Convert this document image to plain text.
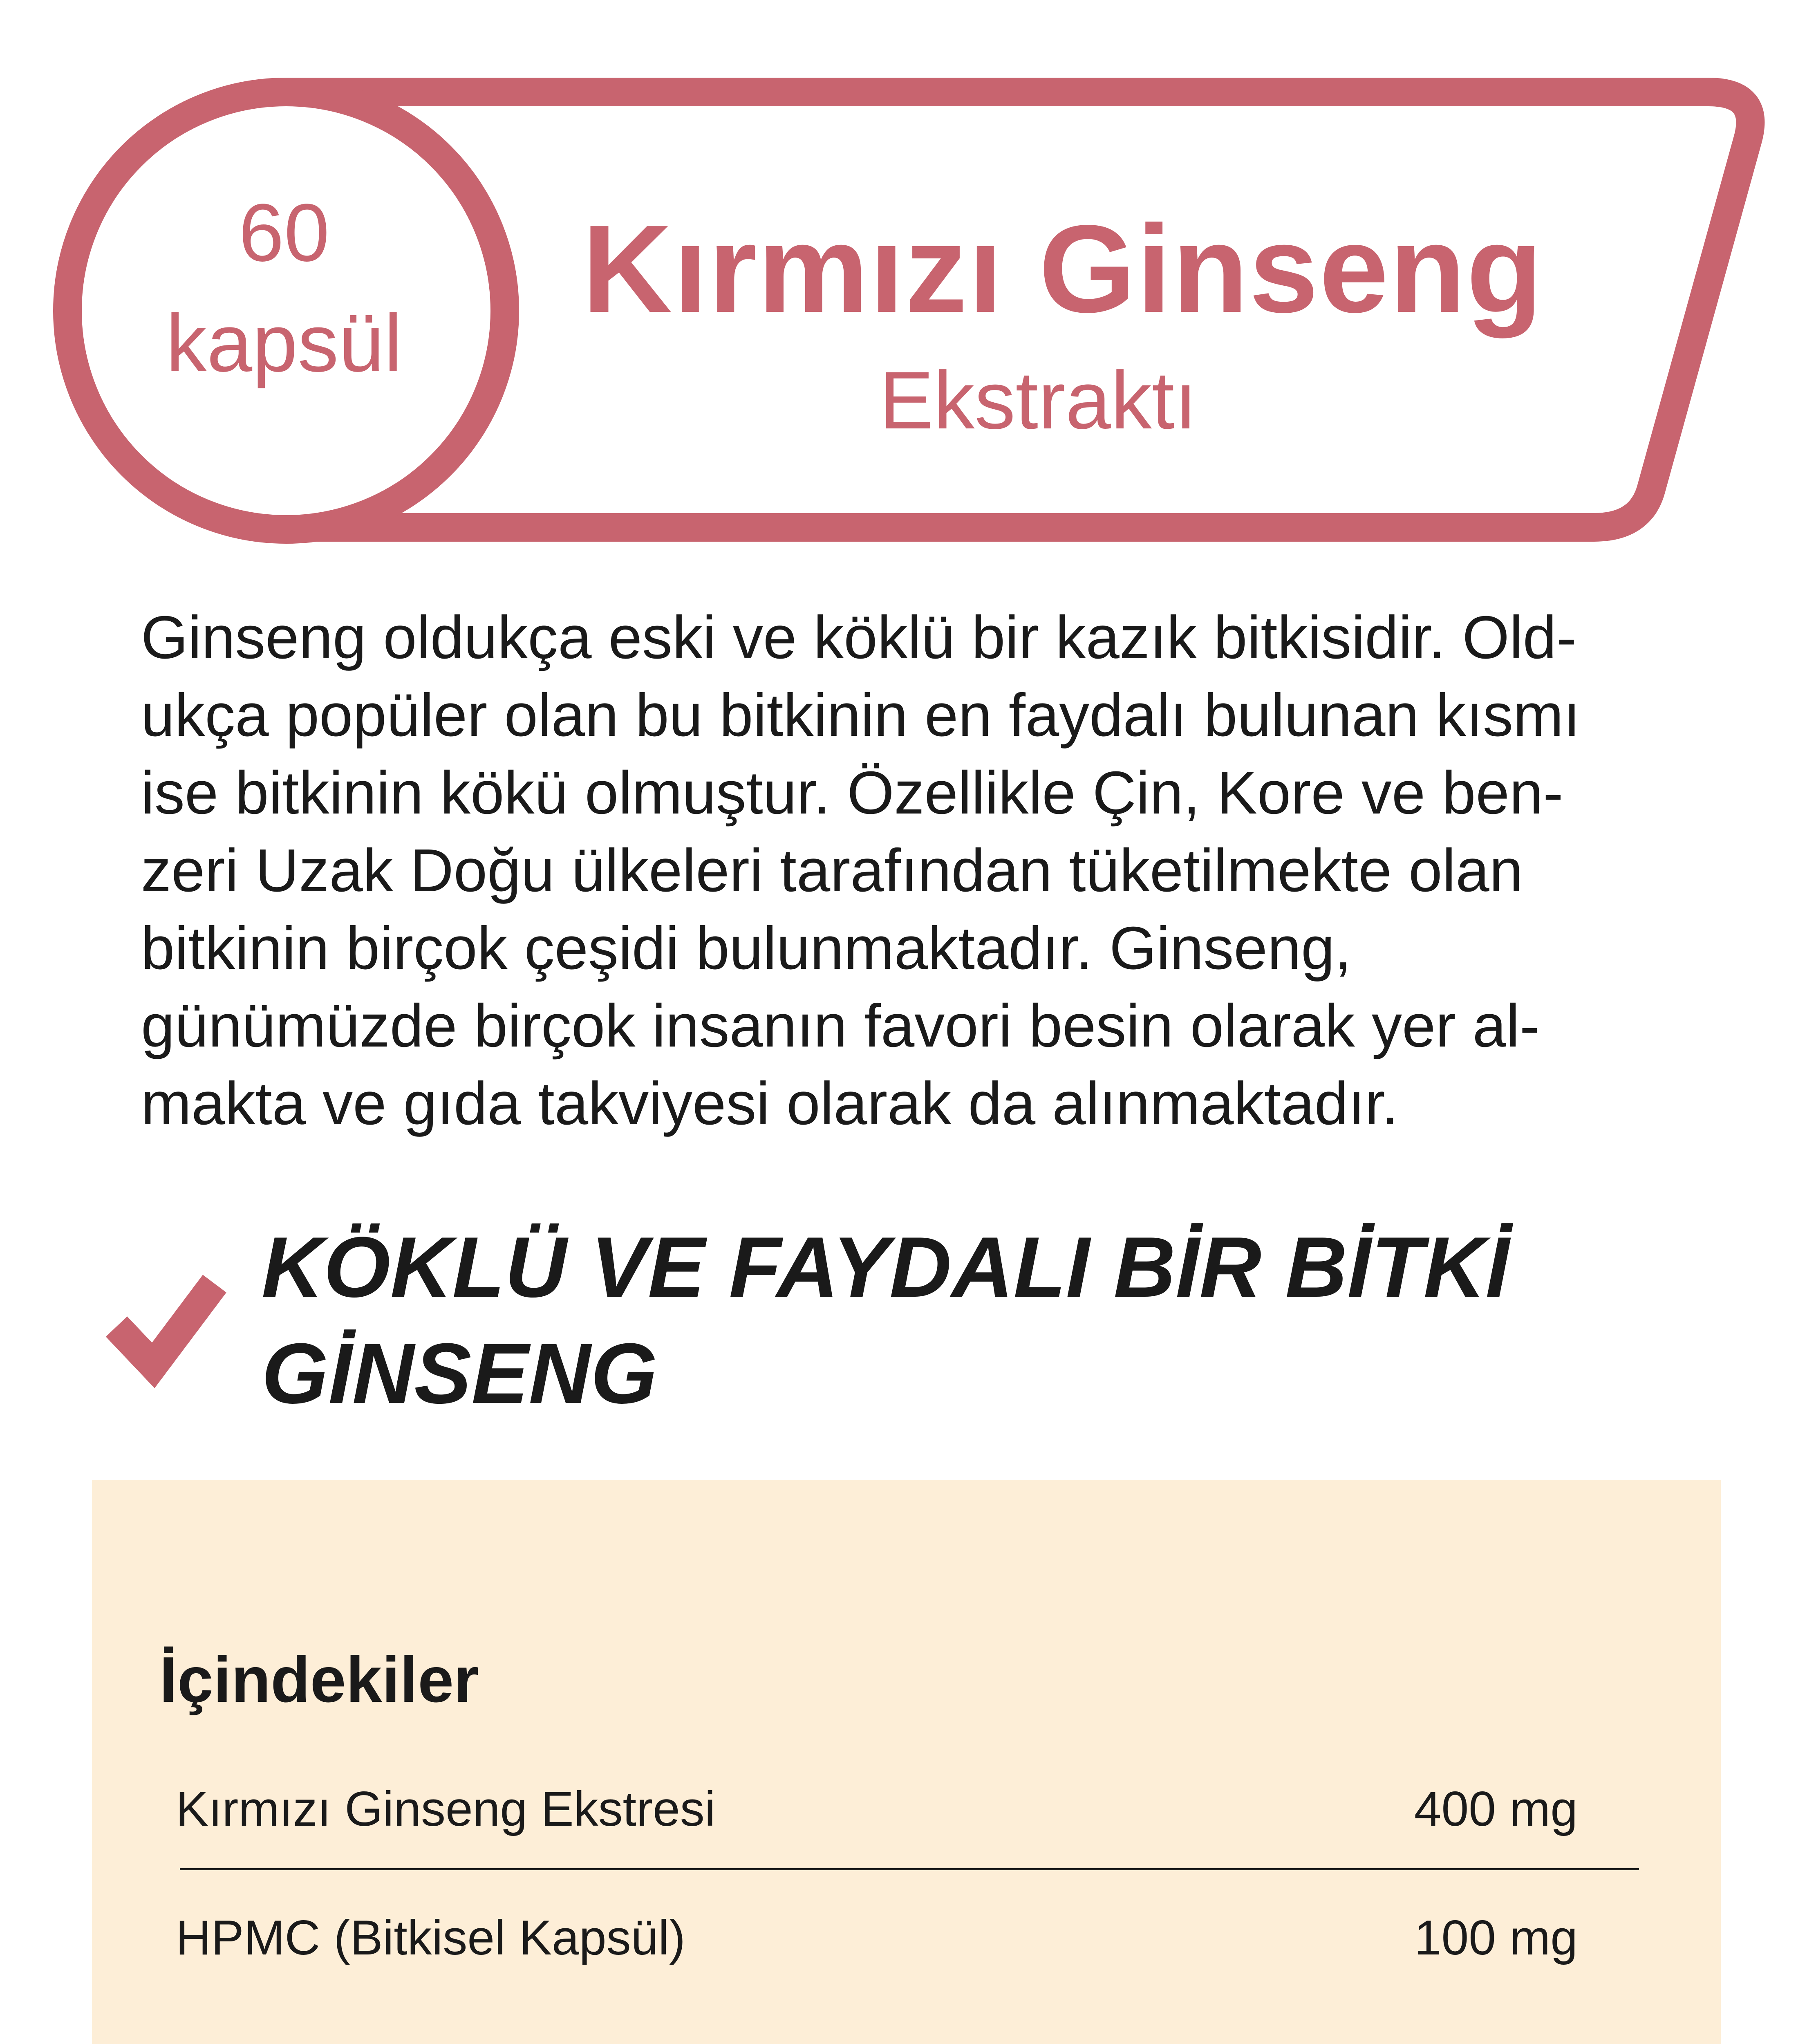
60
kapsül
Kırmızı Ginseng
Ekstraktı
Ginseng oldukça eski ve köklü bir kazık bitkisidir. Old-
ukça popüler olan bu bitkinin en faydalı bulunan kısmı
ise bitkinin kökü olmuştur. Özellikle Çin, Kore ve ben-
zeri Uzak Doğu ülkeleri tarafından tüketilmekte olan
bitkinin birçok çeşidi bulunmaktadır. Ginseng,
günümüzde birçok insanın favori besin olarak yer al-
makta ve gıda takviyesi olarak da alınmaktadır.
KÖKLÜ VE FAYDALI BİR BİTKİ
GİNSENG
İçindekiler
Kırmızı Ginseng Ekstresi	400 mg
HPMC (Bitkisel Kapsül)	100 mg
